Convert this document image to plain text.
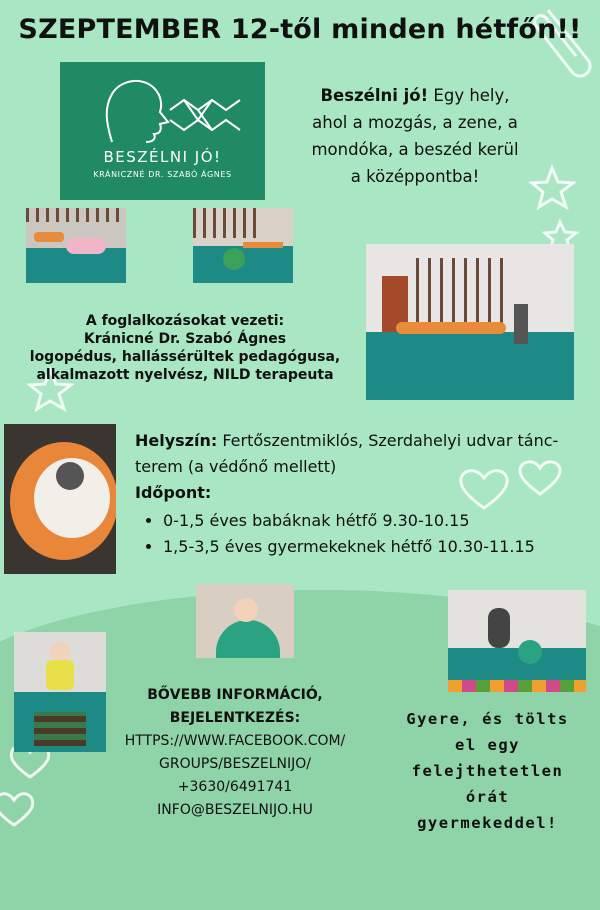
SZEPTEMBER 12-től minden hétfőn!!
BESZÉLNI JÓ!
KRÁNICZNÉ DR. SZABÓ ÁGNES
Beszélni jó! Egy hely, ahol a mozgás, a zene, a mondóka, a beszéd kerül a középpontba!
A foglalkozásokat vezeti:
Kránicné Dr. Szabó Ágnes
logopédus, hallássérültek pedagógusa,
alkalmazott nyelvész, NILD terapeuta
Helyszín: Fertőszentmiklós, Szerdahelyi udvar táncterem (a védőnő mellett)
Időpont:
• 0-1,5 éves babáknak hétfő 9.30-10.15
• 1,5-3,5 éves gyermekeknek hétfő 10.30-11.15
BŐVEBB INFORMÁCIÓ,
BEJELENTKEZÉS:
HTTPS://WWW.FACEBOOK.COM/
GROUPS/BESZELNIJO/
+3630/6491741
INFO@BESZELNIJO.HU
Gyere, és tölts
el egy
felejthetetlen
órát
gyermekeddel!
